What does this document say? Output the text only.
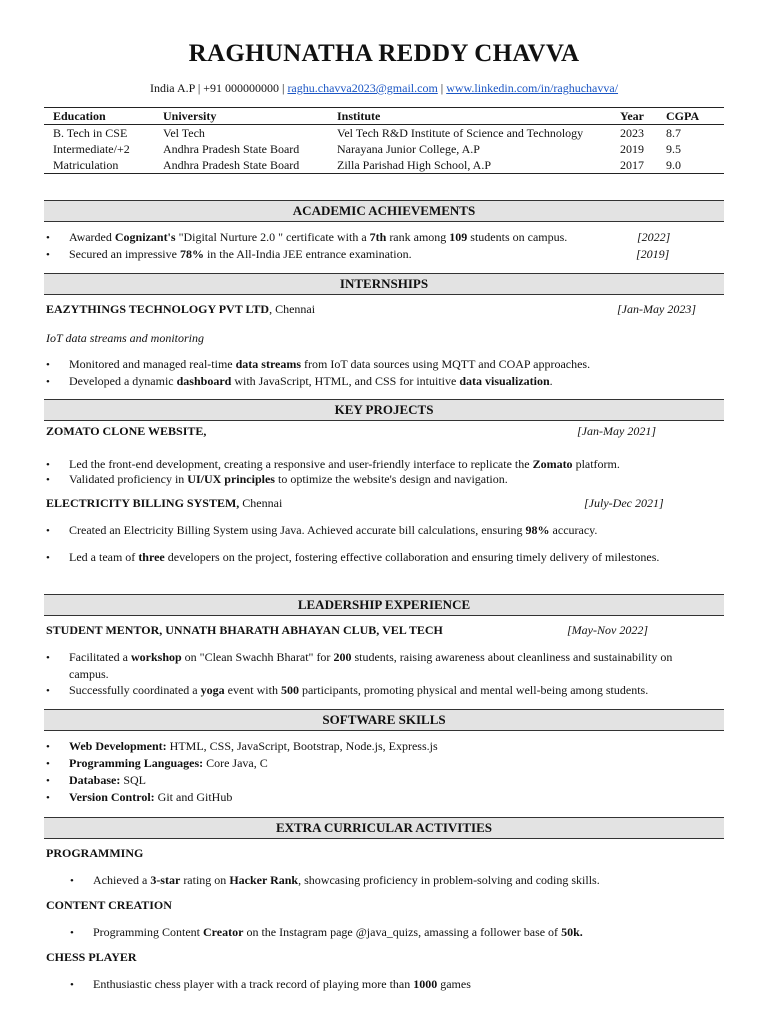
RAGHUNATHA REDDY CHAVVA
India A.P | +91 000000000 | raghu.chavva2023@gmail.com | www.linkedin.com/in/raghuchavva/
Education	University	Institute	Year	CGPA
B. Tech in CSE	Vel Tech	Vel Tech R&D Institute of Science and Technology	2023	8.7
Intermediate/+2	Andhra Pradesh State Board	Narayana Junior College, A.P	2019	9.5
Matriculation	Andhra Pradesh State Board	Zilla Parishad High School, A.P	2017	9.0
ACADEMIC ACHIEVEMENTS
• Awarded Cognizant's "Digital Nurture 2.0 " certificate with a 7th rank among 109 students on campus.	[2022]
• Secured an impressive 78% in the All-India JEE entrance examination.	[2019]
INTERNSHIPS
EAZYTHINGS TECHNOLOGY PVT LTD, Chennai	[Jan-May 2023]
IoT data streams and monitoring
• Monitored and managed real-time data streams from IoT data sources using MQTT and COAP approaches.
• Developed a dynamic dashboard with JavaScript, HTML, and CSS for intuitive data visualization.
KEY PROJECTS
ZOMATO CLONE WEBSITE,	[Jan-May 2021]
• Led the front-end development, creating a responsive and user-friendly interface to replicate the Zomato platform.
• Validated proficiency in UI/UX principles to optimize the website's design and navigation.
ELECTRICITY BILLING SYSTEM, Chennai	[July-Dec 2021]
• Created an Electricity Billing System using Java. Achieved accurate bill calculations, ensuring 98% accuracy.
• Led a team of three developers on the project, fostering effective collaboration and ensuring timely delivery of milestones.
LEADERSHIP EXPERIENCE
STUDENT MENTOR, UNNATH BHARATH ABHAYAN CLUB, VEL TECH	[May-Nov 2022]
• Facilitated a workshop on "Clean Swachh Bharat" for 200 students, raising awareness about cleanliness and sustainability on
campus.
• Successfully coordinated a yoga event with 500 participants, promoting physical and mental well-being among students.
SOFTWARE SKILLS
• Web Development: HTML, CSS, JavaScript, Bootstrap, Node.js, Express.js
• Programming Languages: Core Java, C
• Database: SQL
• Version Control: Git and GitHub
EXTRA CURRICULAR ACTIVITIES
PROGRAMMING
• Achieved a 3-star rating on Hacker Rank, showcasing proficiency in problem-solving and coding skills.
CONTENT CREATION
• Programming Content Creator on the Instagram page @java_quizs, amassing a follower base of 50k.
CHESS PLAYER
• Enthusiastic chess player with a track record of playing more than 1000 games
